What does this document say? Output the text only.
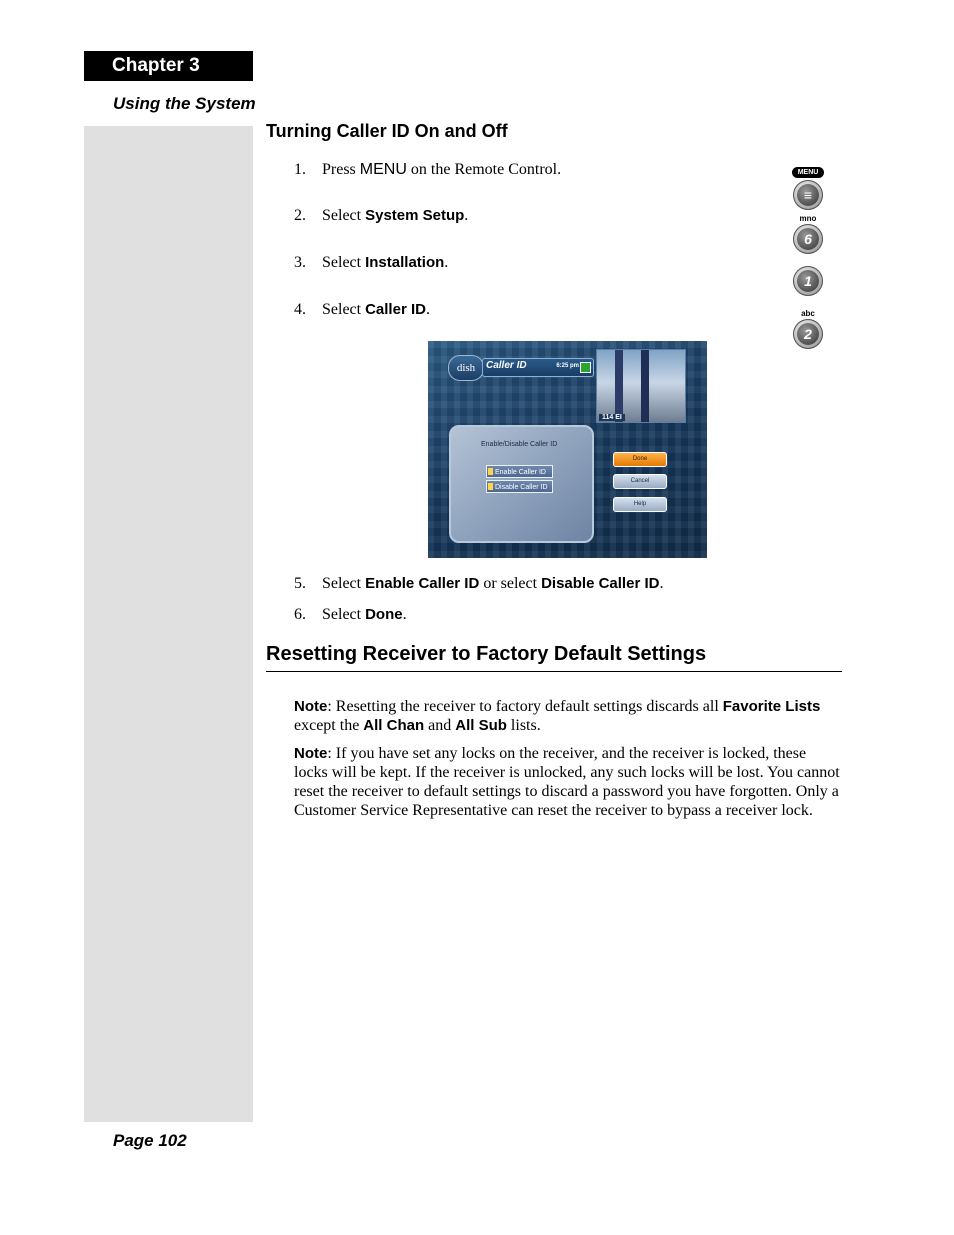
Chapter 3
Using the System
Page 102
Turning Caller ID On and Off
1. Press MENU on the Remote Control.
2. Select System Setup.
3. Select Installation.
4. Select Caller ID.
MENU
≡
mno
6
1
abc
2
dish	Caller ID	6:25 pm
114 EI
Enable/Disable Caller ID
Enable Caller ID
Disable Caller ID
Done
Cancel
Help
5. Select Enable Caller ID or select Disable Caller ID.
6. Select Done.
Resetting Receiver to Factory Default Settings
Note: Resetting the receiver to factory default settings discards all Favorite Lists except the All Chan and All Sub lists.
Note: If you have set any locks on the receiver, and the receiver is locked, these locks will be kept. If the receiver is unlocked, any such locks will be lost. You cannot reset the receiver to default settings to discard a password you have forgotten. Only a Customer Service Representative can reset the receiver to bypass a receiver lock.
